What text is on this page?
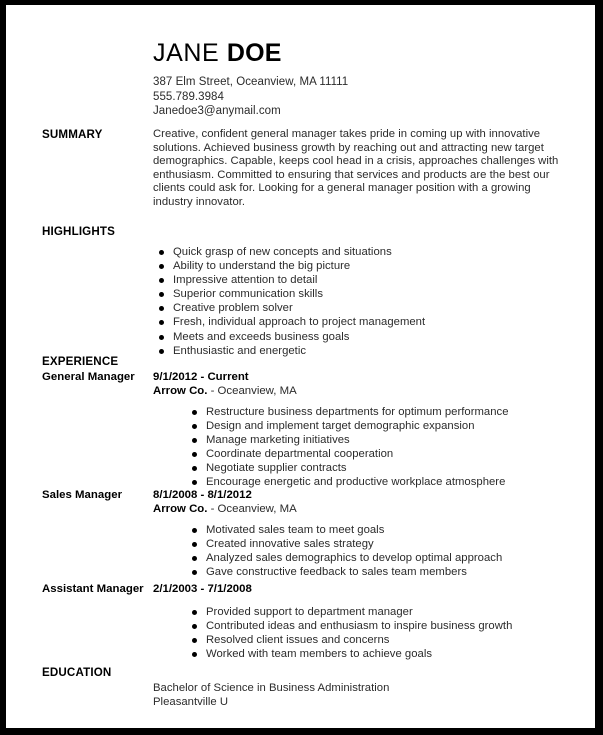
JANE DOE
387 Elm Street, Oceanview, MA 11111
555.789.3984
Janedoe3@anymail.com
SUMMARY	Creative, confident general manager takes pride in coming up with innovative solutions. Achieved business growth by reaching out and attracting new target demographics. Capable, keeps cool head in a crisis, approaches challenges with enthusiasm. Committed to ensuring that services and products are the best our clients could ask for. Looking for a general manager position with a growing industry innovator.
HIGHLIGHTS
Quick grasp of new concepts and situations
Ability to understand the big picture
Impressive attention to detail
Superior communication skills
Creative problem solver
Fresh, individual approach to project management
Meets and exceeds business goals
Enthusiastic and energetic
EXPERIENCE
General Manager	9/1/2012 - Current
Arrow Co. - Oceanview, MA
Restructure business departments for optimum performance
Design and implement target demographic expansion
Manage marketing initiatives
Coordinate departmental cooperation
Negotiate supplier contracts
Encourage energetic and productive workplace atmosphere
Sales Manager	8/1/2008 - 8/1/2012
Arrow Co. - Oceanview, MA
Motivated sales team to meet goals
Created innovative sales strategy
Analyzed sales demographics to develop optimal approach
Gave constructive feedback to sales team members
Assistant Manager 2/1/2003 - 7/1/2008
Provided support to department manager
Contributed ideas and enthusiasm to inspire business growth
Resolved client issues and concerns
Worked with team members to achieve goals
EDUCATION
Bachelor of Science in Business Administration
Pleasantville U
